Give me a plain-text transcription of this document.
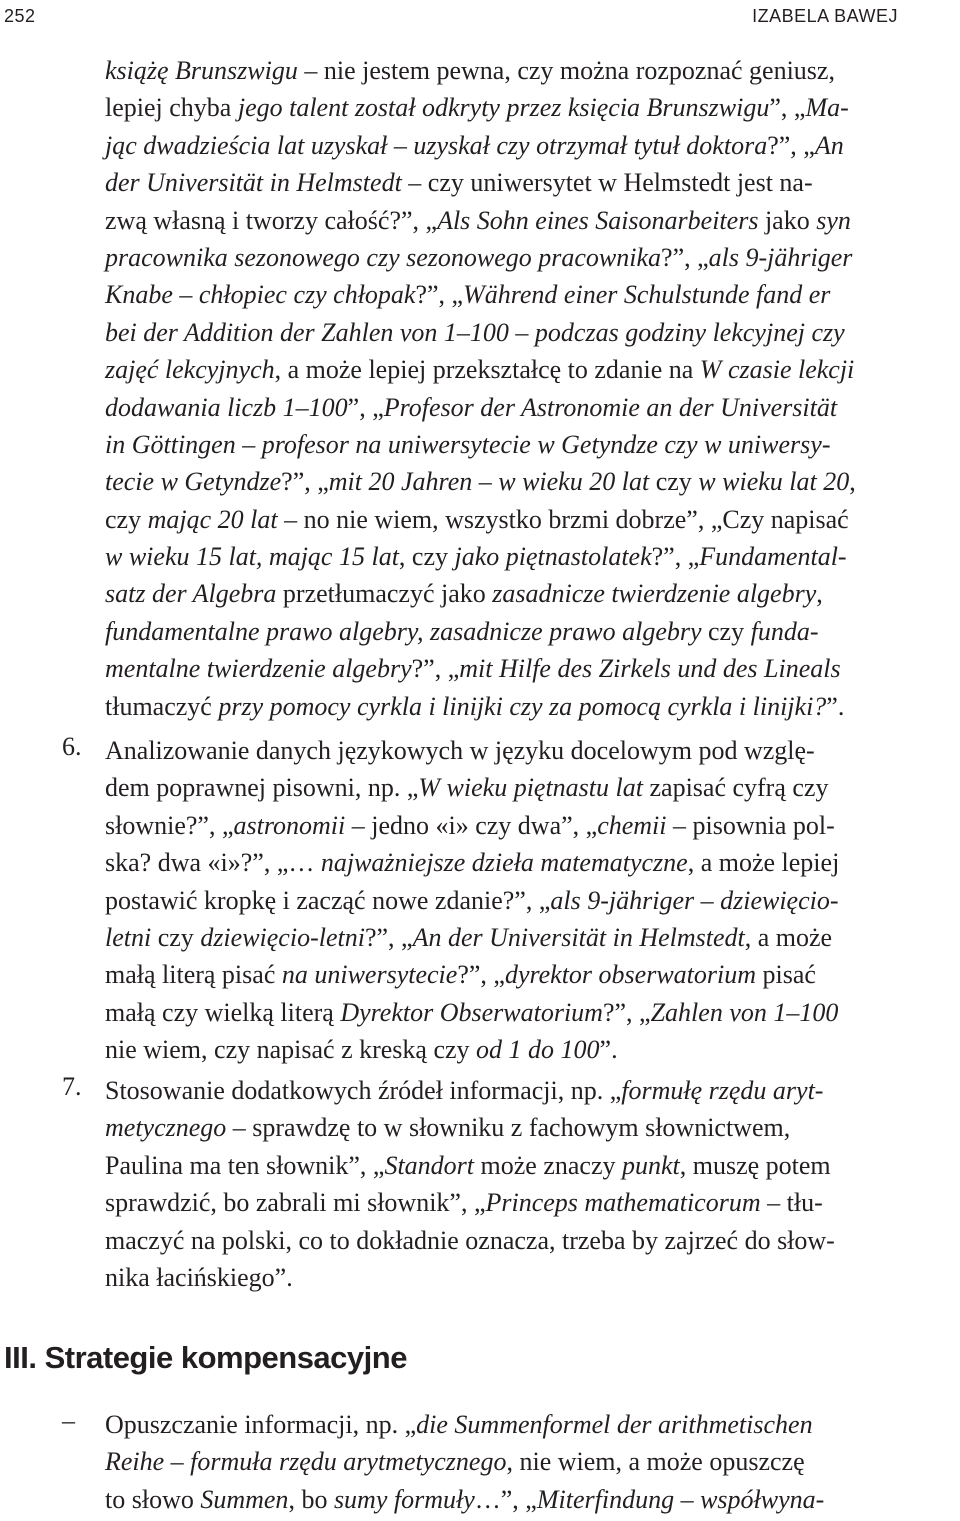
252	IZABELA BAWEJ
książę Brunszwigu – nie jestem pewna, czy można rozpoznać geniusz,
lepiej chyba jego talent został odkryty przez księcia Brunszwigu”, „Ma-
jąc dwadzieścia lat uzyskał – uzyskał czy otrzymał tytuł doktora?”, „An
der Universität in Helmstedt – czy uniwersytet w Helmstedt jest na-
zwą własną i tworzy całość?”, „Als Sohn eines Saisonarbeiters jako syn
pracownika sezonowego czy sezonowego pracownika?”, „als 9-jähriger
Knabe – chłopiec czy chłopak?”, „Während einer Schulstunde fand er
bei der Addition der Zahlen von 1–100 – podczas godziny lekcyjnej czy
zajęć lekcyjnych, a może lepiej przekształcę to zdanie na W czasie lekcji
dodawania liczb 1–100”, „Profesor der Astronomie an der Universität
in Göttingen – profesor na uniwersytecie w Getyndze czy w uniwersy-
tecie w Getyndze?”, „mit 20 Jahren – w wieku 20 lat czy w wieku lat 20,
czy mając 20 lat – no nie wiem, wszystko brzmi dobrze”, „Czy napisać
w wieku 15 lat, mając 15 lat, czy jako piętnastolatek?”, „Fundamental-
satz der Algebra przetłumaczyć jako zasadnicze twierdzenie algebry,
fundamentalne prawo algebry, zasadnicze prawo algebry czy funda-
mentalne twierdzenie algebry?”, „mit Hilfe des Zirkels und des Lineals
tłumaczyć przy pomocy cyrkla i linijki czy za pomocą cyrkla i linijki?”.
6. Analizowanie danych językowych w języku docelowym pod wzglę-
dem poprawnej pisowni, np. „W wieku piętnastu lat zapisać cyfrą czy
słownie?”, „astronomii – jedno «i» czy dwa”, „chemii – pisownia pol-
ska? dwa «i»?”, „… najważniejsze dzieła matematyczne, a może lepiej
postawić kropkę i zacząć nowe zdanie?”, „als 9-jähriger – dziewięcio-
letni czy dziewięcio-letni?”, „An der Universität in Helmstedt, a może
małą literą pisać na uniwersytecie?”, „dyrektor obserwatorium pisać
małą czy wielką literą Dyrektor Obserwatorium?”, „Zahlen von 1–100
nie wiem, czy napisać z kreską czy od 1 do 100”.
7. Stosowanie dodatkowych źródeł informacji, np. „formułę rzędu aryt-
metycznego – sprawdzę to w słowniku z fachowym słownictwem,
Paulina ma ten słownik”, „Standort może znaczy punkt, muszę potem
sprawdzić, bo zabrali mi słownik”, „Princeps mathematicorum – tłu-
maczyć na polski, co to dokładnie oznacza, trzeba by zajrzeć do słow-
nika łacińskiego”.
III. Strategie kompensacyjne
– Opuszczanie informacji, np. „die Summenformel der arithmetischen
Reihe – formuła rzędu arytmetycznego, nie wiem, a może opuszczę
to słowo Summen, bo sumy formuły…”, „Miterfindung – współwyna-
